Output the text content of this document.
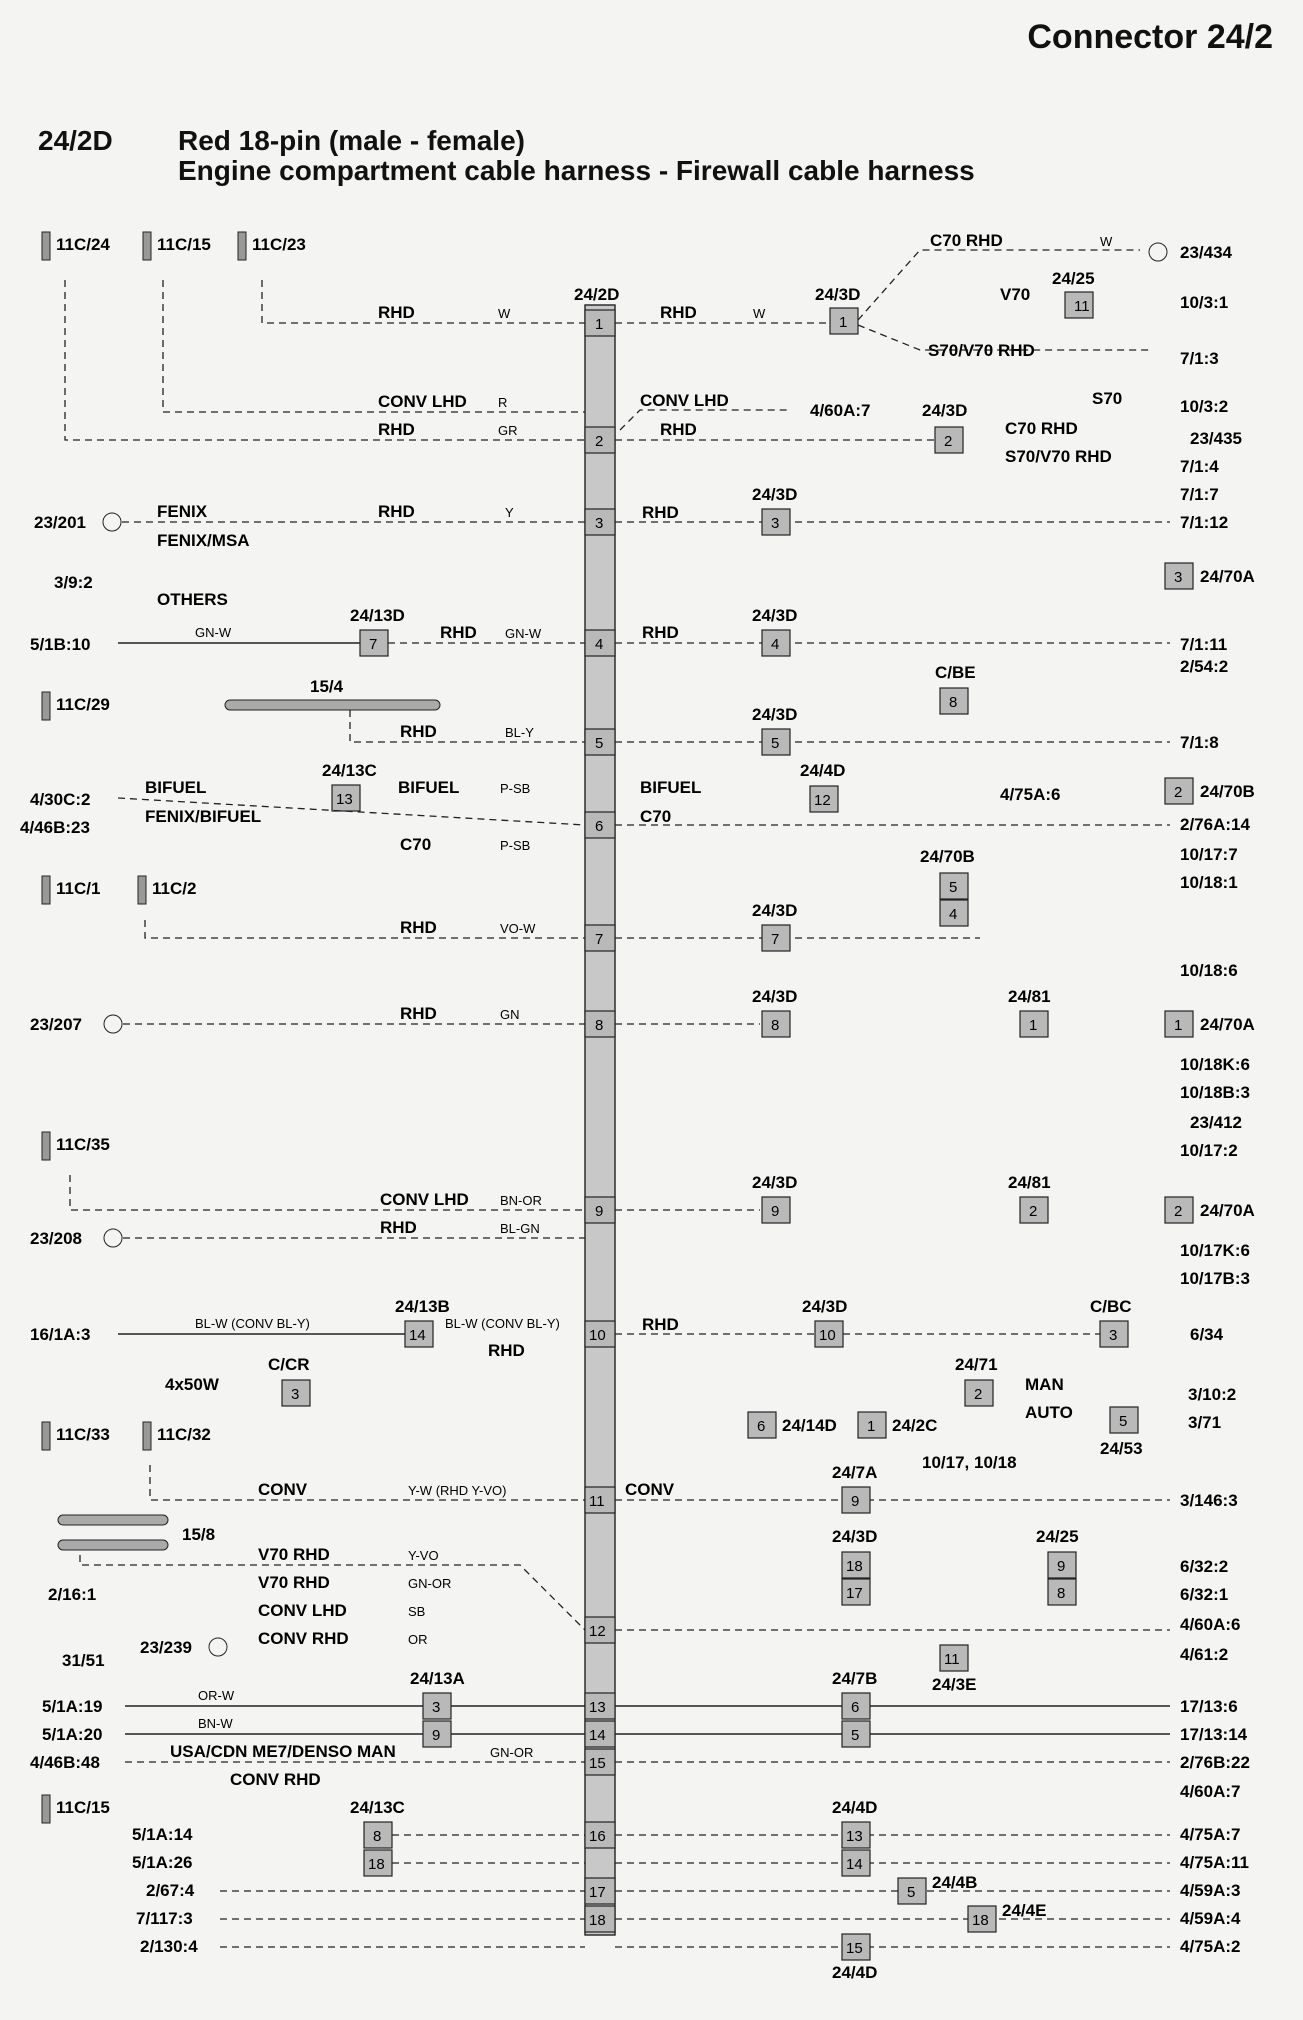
Connector 24/2
24/2D Red 18-pin (male - female)
Engine compartment cable harness - Firewall cable harness
24/2D
1
2
3
4
5
6
7
8
9
10
11
12
13
14
15
16
17
18
11C/24	11C/15 11C/23
RHD	W	RHD	W
1
24/3D
C70 RHD	W
23/434
11
24/25
V70	10/3:1
S70/V70 RHD	7/1:3
10/3:2
S70
CONV LHD R
RHD	GR
CONV LHD
RHD
4/60A:7
2
24/3D
C70 RHD
23/435
S70/V70 RHD
7/1:4
7/1:7
23/201
FENIX
FENIX/MSA
OTHERS
3/9:2
RHD	Y	RHD
3
24/3D
7/1:12
3 24/70A
5/1B:10
GN-W
7
24/13D
RHD GN-W	RHD
4
24/3D
7/1:11
11C/29
15/4
RHD	BL-Y
5
24/3D
8
C/BE	2/54:2
7/1:8
2 24/70B
4/30C:2
4/46B:23
BIFUEL
FENIX/BIFUEL
13
24/13C
BIFUEL	P-SB
C70	P-SB
BIFUEL
C70
12
24/4D
4/75A:6
2/76A:14
5
4
24/70B	10/17:7
10/18:1
11C/1	11C/2
RHD	VO-W
7
24/3D
23/207
RHD	GN
8
24/3D
1
24/81
1 24/70A
10/18:6
10/18K:6
10/18B:3
11C/35
CONV LHD BN-OR
23/208
RHD	BL-GN
9
24/3D
2
24/81
2 24/70A
23/412
10/17:2
10/17K:6
10/17B:3
16/1A:3
BL-W (CONV BL-Y)
14
24/13B
BL-W (CONV BL-Y)
RHD
3
C/CR
4x50W
RHD
10
24/3D
3
C/BC
6/34
2
24/71
MAN
AUTO	5
24/53
3/10:2
3/71
6 24/14D 1 24/2C
10/17, 10/18
11C/33	11C/32
15/8
CONV	Y-W (RHD Y-VO)	CONV
9
24/7A
3/146:3
V70 RHD	Y-VO
2/16:1
V70 RHD	GN-OR
CONV LHD	SB
31/51
23/239	CONV RHD	OR
18
17
24/3D
9
8
24/25
6/32:2
6/32:1
4/60A:6
11
24/3E
4/61:2
5/1A:19
5/1A:20
4/46B:48
OR-W
BN-W
USA/CDN ME7/DENSO MAN	GN-OR
3
9
24/13A
6
5
24/7B
17/13:6
17/13:14
2/76B:22
CONV RHD
11C/15
5/1A:14
5/1A:26
2/67:4
7/117:3
2/130:4
8
18
24/13C
13
14
24/4D
5
24/4B
18
24/4E
15
24/4D
4/60A:7
4/75A:7
4/75A:11
4/59A:3
4/59A:4
4/75A:2
